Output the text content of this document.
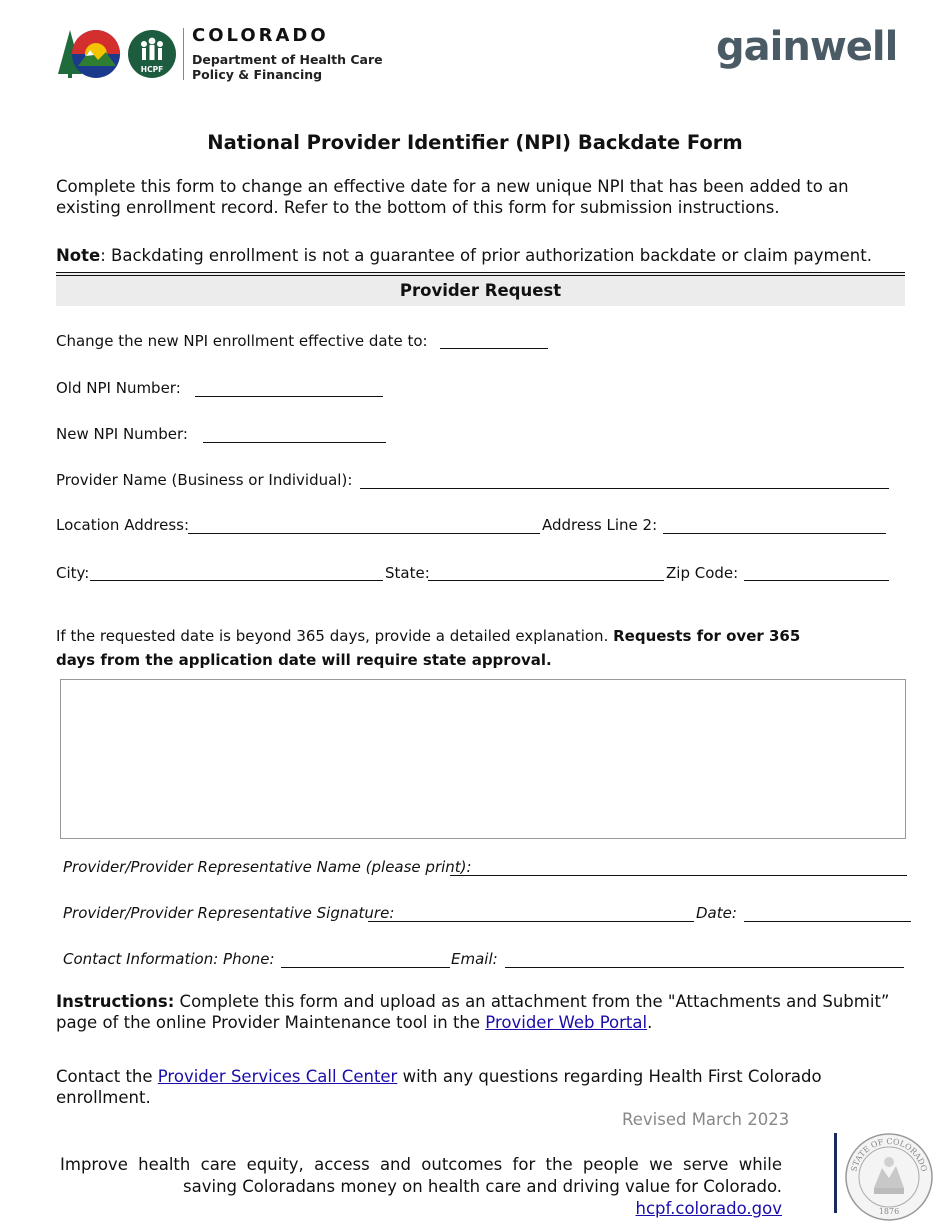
HCPF
COLORADO
Department of Health Care
Policy & Financing
gainwell
National Provider Identifier (NPI) Backdate Form
Complete this form to change an effective date for a new unique NPI that has been added to an existing enrollment record. Refer to the bottom of this form for submission instructions.
Note: Backdating enrollment is not a guarantee of prior authorization backdate or claim payment.
Provider Request
Change the new NPI enrollment effective date to:
Old NPI Number:
New NPI Number:
Provider Name (Business or Individual):
Location Address:	Address Line 2:
City:	State:	Zip Code:
If the requested date is beyond 365 days, provide a detailed explanation. Requests for over 365
days from the application date will require state approval.
Provider/Provider Representative Name (please print):
Provider/Provider Representative Signature:	Date:
Contact Information: Phone:	Email:
Instructions: Complete this form and upload as an attachment from the "Attachments and Submit”
page of the online Provider Maintenance tool in the Provider Web Portal.
Contact the Provider Services Call Center with any questions regarding Health First Colorado
enrollment.
Revised March 2023
Improve health care equity, access and outcomes for the people we serve while
saving Coloradans money on health care and driving value for Colorado.
hcpf.colorado.gov
STATE OF COLORADO
1876
